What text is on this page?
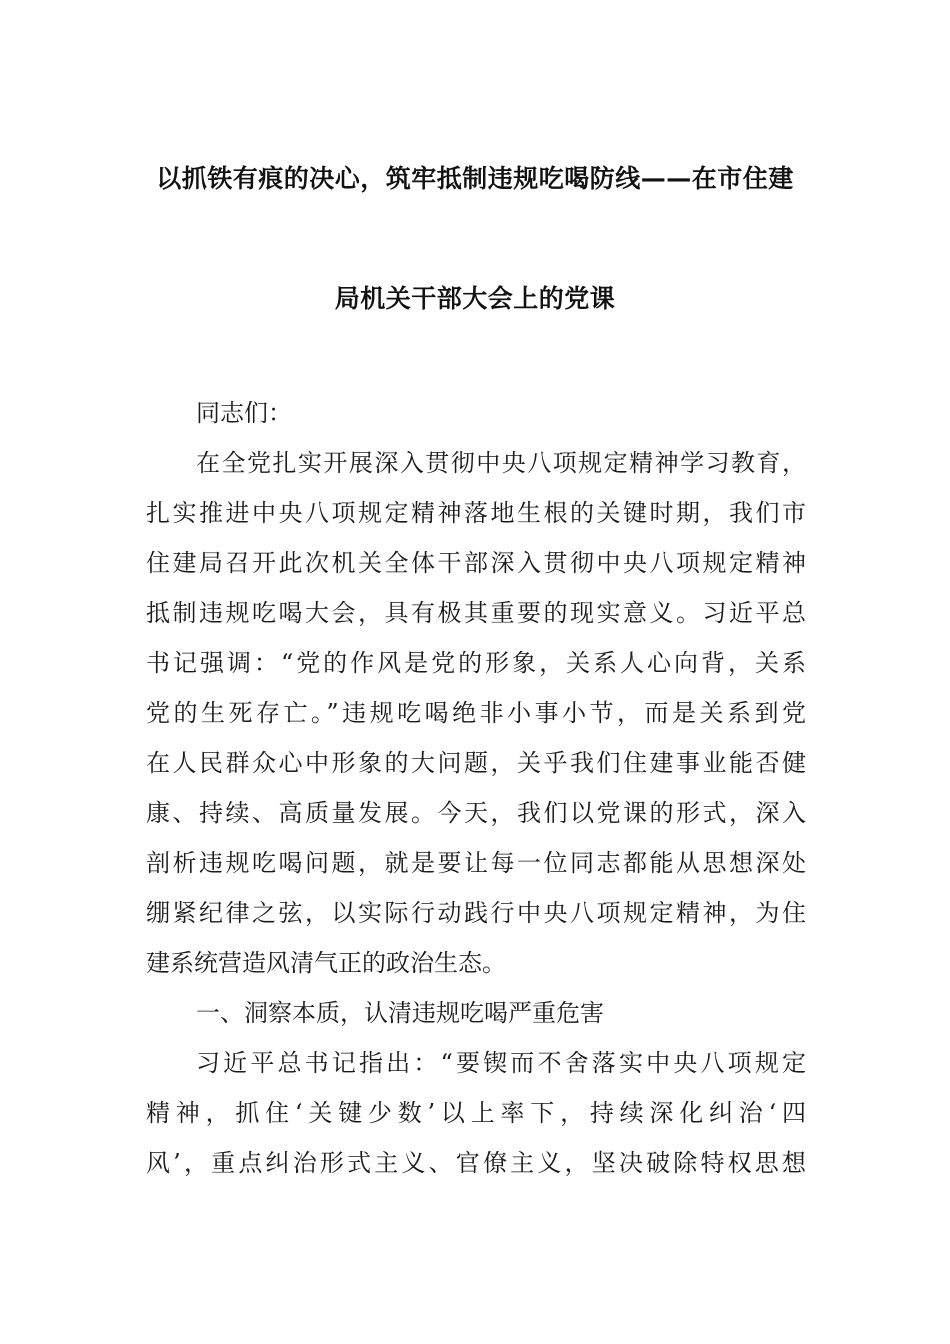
以抓铁有痕的决心，筑牢抵制违规吃喝防线——在市住建
局机关干部大会上的党课
同志们：
在全党扎实开展深入贯彻中央八项规定精神学习教育，
扎实推进中央八项规定精神落地生根的关键时期，我们市
住建局召开此次机关全体干部深入贯彻中央八项规定精神
抵制违规吃喝大会，具有极其重要的现实意义。习近平总
书记强调：“党的作风是党的形象，关系人心向背，关系
党的生死存亡。”违规吃喝绝非小事小节，而是关系到党
在人民群众心中形象的大问题，关乎我们住建事业能否健
康、持续、高质量发展。今天，我们以党课的形式，深入
剖析违规吃喝问题，就是要让每一位同志都能从思想深处
绷紧纪律之弦，以实际行动践行中央八项规定精神，为住
建系统营造风清气正的政治生态。
一、洞察本质，认清违规吃喝严重危害
习近平总书记指出：“要锲而不舍落实中央八项规定
精神，抓住‘关键少数’以上率下，持续深化纠治‘四
风’，重点纠治形式主义、官僚主义，坚决破除特权思想
